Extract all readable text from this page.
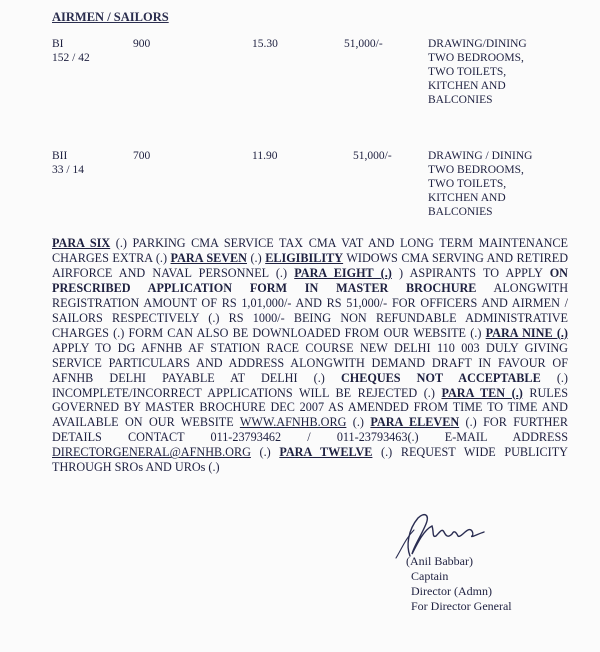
AIRMEN / SAILORS
BI
152 / 42
900	15.30	51,000/-	DRAWING/DINING
TWO BEDROOMS,
TWO TOILETS,
KITCHEN AND
BALCONIES
BII
33 / 14
700	11.90	51,000/-	DRAWING / DINING
TWO BEDROOMS,
TWO TOILETS,
KITCHEN AND
BALCONIES
PARA SIX (.) PARKING CMA SERVICE TAX CMA VAT AND LONG TERM MAINTENANCE CHARGES EXTRA (.) PARA SEVEN (.) ELIGIBILITY WIDOWS CMA SERVING AND RETIRED AIRFORCE AND NAVAL PERSONNEL (.) PARA EIGHT (.) ) ASPIRANTS TO APPLY ON PRESCRIBED APPLICATION FORM IN MASTER BROCHURE ALONGWITH REGISTRATION AMOUNT OF RS 1,01,000/- AND RS 51,000/- FOR OFFICERS AND AIRMEN / SAILORS RESPECTIVELY (.) RS 1000/- BEING NON REFUNDABLE ADMINISTRATIVE CHARGES (.) FORM CAN ALSO BE DOWNLOADED FROM OUR WEBSITE (.) PARA NINE (.) APPLY TO DG AFNHB AF STATION RACE COURSE NEW DELHI 110 003 DULY GIVING SERVICE PARTICULARS AND ADDRESS ALONGWITH DEMAND DRAFT IN FAVOUR OF AFNHB DELHI PAYABLE AT DELHI (.) CHEQUES NOT ACCEPTABLE (.) INCOMPLETE/INCORRECT APPLICATIONS WILL BE REJECTED (.) PARA TEN (.) RULES GOVERNED BY MASTER BROCHURE DEC 2007 AS AMENDED FROM TIME TO TIME AND AVAILABLE ON OUR WEBSITE WWW.AFNHB.ORG (.) PARA ELEVEN (.) FOR FURTHER DETAILS CONTACT 011-23793462 / 011-23793463(.) E-MAIL ADDRESS DIRECTORGENERAL@AFNHB.ORG (.) PARA TWELVE (.) REQUEST WIDE PUBLICITY THROUGH SROs AND UROs (.)
(Anil Babbar)
Captain
Director (Admn)
For Director General
